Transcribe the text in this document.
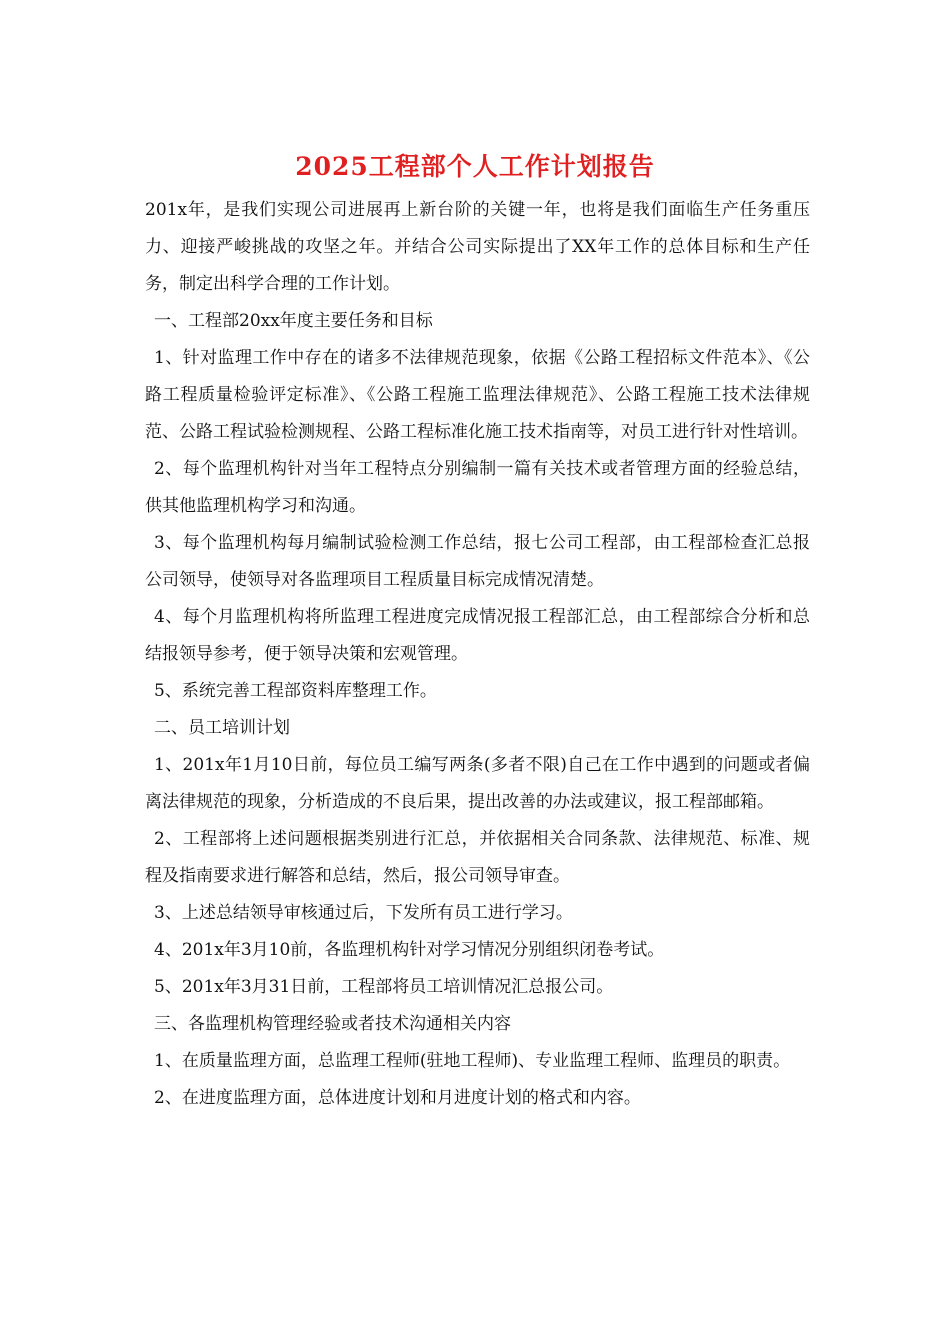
2025工程部个人工作计划报告

201x年，是我们实现公司进展再上新台阶的关键一年，也将是我们面临生产任务重压力、迎接严峻挑战的攻坚之年。并结合公司实际提出了XX年工作的总体目标和生产任务，制定出科学合理的工作计划。

一、工程部20xx年度主要任务和目标

1、针对监理工作中存在的诸多不法律规范现象，依据《公路工程招标文件范本》、《公路工程质量检验评定标准》、《公路工程施工监理法律规范》、公路工程施工技术法律规范、公路工程试验检测规程、公路工程标准化施工技术指南等，对员工进行针对性培训。

2、每个监理机构针对当年工程特点分别编制一篇有关技术或者管理方面的经验总结，供其他监理机构学习和沟通。

3、每个监理机构每月编制试验检测工作总结，报七公司工程部，由工程部检查汇总报公司领导，使领导对各监理项目工程质量目标完成情况清楚。

4、每个月监理机构将所监理工程进度完成情况报工程部汇总，由工程部综合分析和总结报领导参考，便于领导决策和宏观管理。

5、系统完善工程部资料库整理工作。

二、员工培训计划

1、201x年1月10日前，每位员工编写两条(多者不限)自己在工作中遇到的问题或者偏离法律规范的现象，分析造成的不良后果，提出改善的办法或建议，报工程部邮箱。

2、工程部将上述问题根据类别进行汇总，并依据相关合同条款、法律规范、标准、规程及指南要求进行解答和总结，然后，报公司领导审查。

3、上述总结领导审核通过后，下发所有员工进行学习。

4、201x年3月10前，各监理机构针对学习情况分别组织闭卷考试。

5、201x年3月31日前，工程部将员工培训情况汇总报公司。

三、各监理机构管理经验或者技术沟通相关内容

1、在质量监理方面，总监理工程师(驻地工程师)、专业监理工程师、监理员的职责。

2、在进度监理方面，总体进度计划和月进度计划的格式和内容。
